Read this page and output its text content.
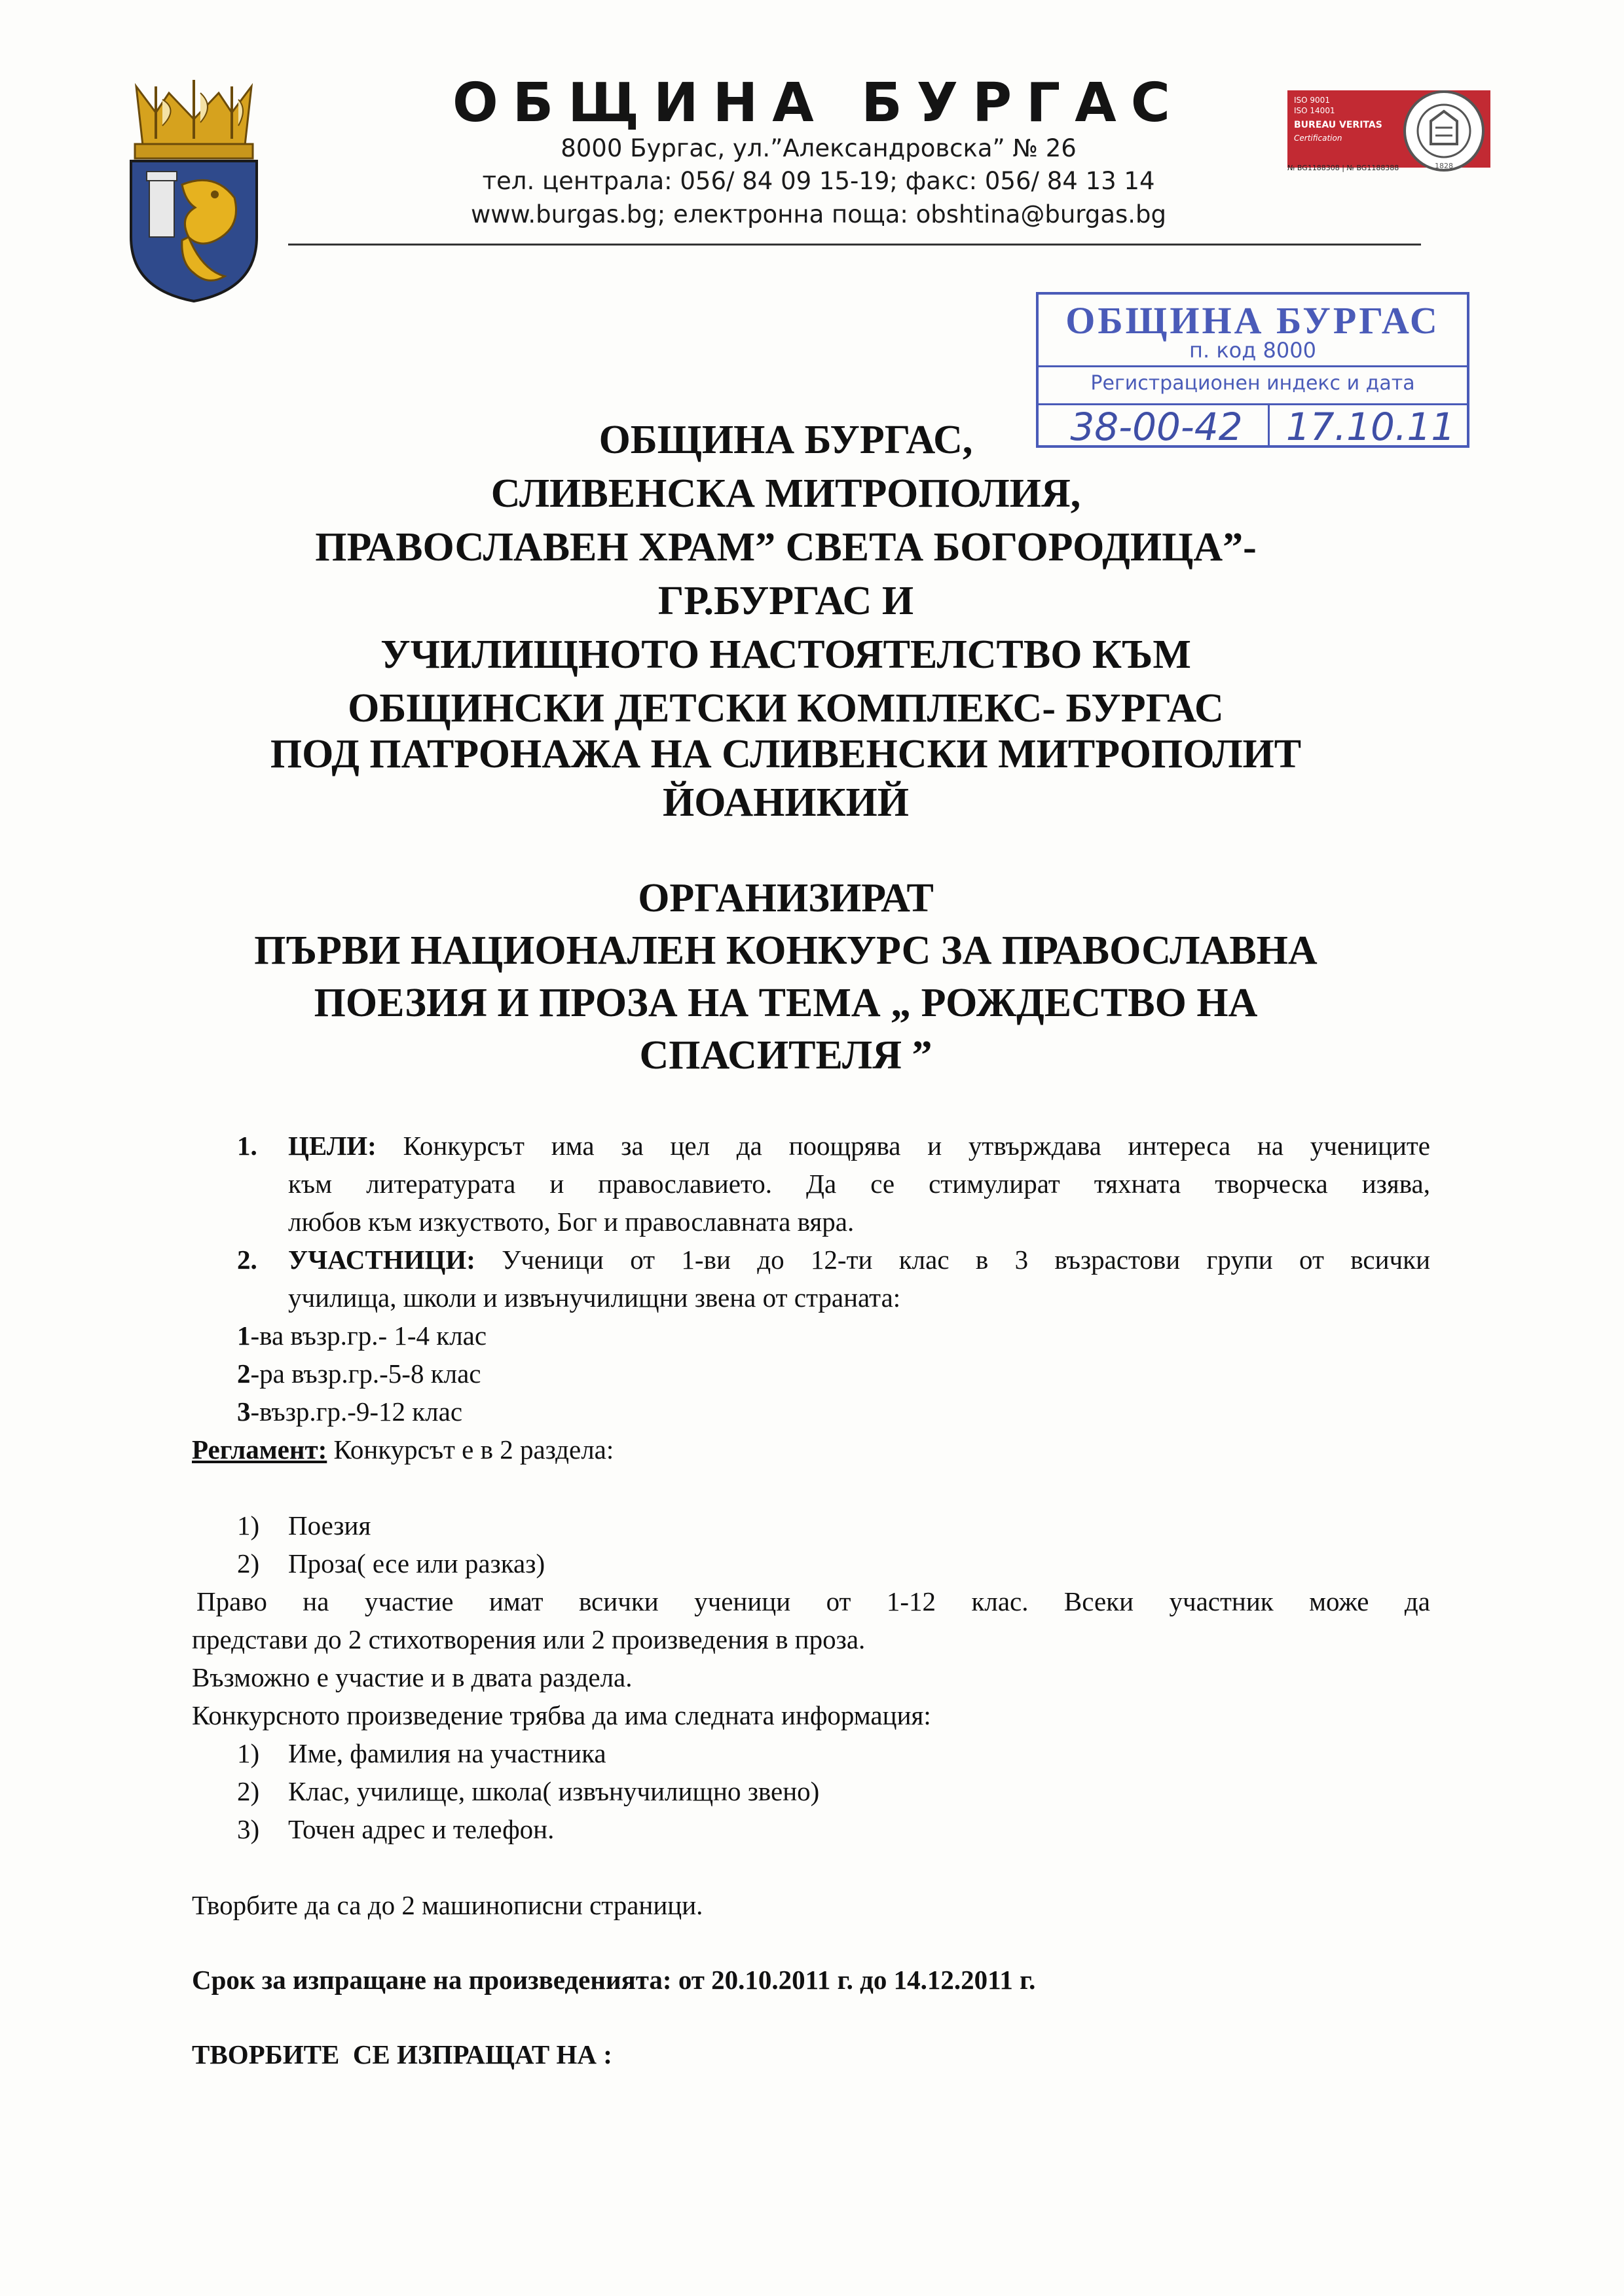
ОБЩИНА БУРГАС
8000 Бургас, ул.”Александровска” № 26
тел. централа: 056/ 84 09 15-19; факс: 056/ 84 13 14
www.burgas.bg; електронна поща: obshtina@burgas.bg
ISO 9001
ISO 14001
BUREAU VERITAS
Certification
1828
№ BG1188308 | № BG1188388
ОБЩИНА БУРГАС
п. код 8000
Регистрационен индекс и дата
38-00-42	17.10.11
ОБЩИНА БУРГАС,
СЛИВЕНСКА МИТРОПОЛИЯ,
ПРАВОСЛАВЕН ХРАМ” СВЕТА БОГОРОДИЦА”-
ГР.БУРГАС И
УЧИЛИЩНОТО НАСТОЯТЕЛСТВО КЪМ
ОБЩИНСКИ ДЕТСКИ КОМПЛЕКС- БУРГАС
ПОД ПАТРОНАЖА НА СЛИВЕНСКИ МИТРОПОЛИТ
ЙОАНИКИЙ
ОРГАНИЗИРАТ
ПЪРВИ НАЦИОНАЛЕН КОНКУРС ЗА ПРАВОСЛАВНА
ПОЕЗИЯ И ПРОЗА НА ТЕМА „ РОЖДЕСТВО НА
СПАСИТЕЛЯ ”
1. ЦЕЛИ: Конкурсът има за цел да поощрява и утвърждава интереса на учениците
към литературата и православието. Да се стимулират тяхната творческа изява,
любов към изкуството, Бог и православната вяра.
2. УЧАСТНИЦИ: Ученици от 1-ви до 12-ти клас в 3 възрастови групи от всички
училища, школи и извънучилищни звена от страната:
1-ва възр.гр.- 1-4 клас
2-ра възр.гр.-5-8 клас
3-възр.гр.-9-12 клас
Регламент: Конкурсът е в 2 раздела:
1) Поезия
2) Проза( есе или разказ)
Право на участие имат всички ученици от 1-12 клас. Всеки участник може да
представи до 2 стихотворения или 2 произведения в проза.
Възможно е участие и в двата раздела.
Конкурсното произведение трябва да има следната информация:
1) Име, фамилия на участника
2) Клас, училище, школа( извънучилищно звено)
3) Точен адрес и телефон.
Творбите да са до 2 машинописни страници.
Срок за изпращане на произведенията: от 20.10.2011 г. до 14.12.2011 г.
ТВОРБИТЕ  СЕ ИЗПРАЩАТ НА :
